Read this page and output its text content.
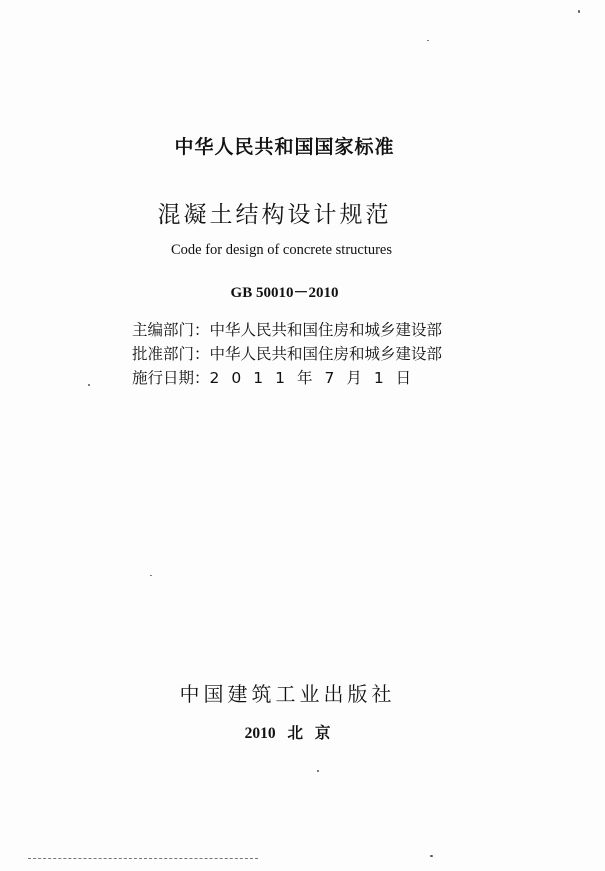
中华人民共和国国家标准
混凝土结构设计规范
Code for design of concrete structures
GB 50010－2010
主编部门： 中华人民共和国住房和城乡建设部
批准部门： 中华人民共和国住房和城乡建设部
施行日期： 2011年7月1日
中国建筑工业出版社
2010 北 京
